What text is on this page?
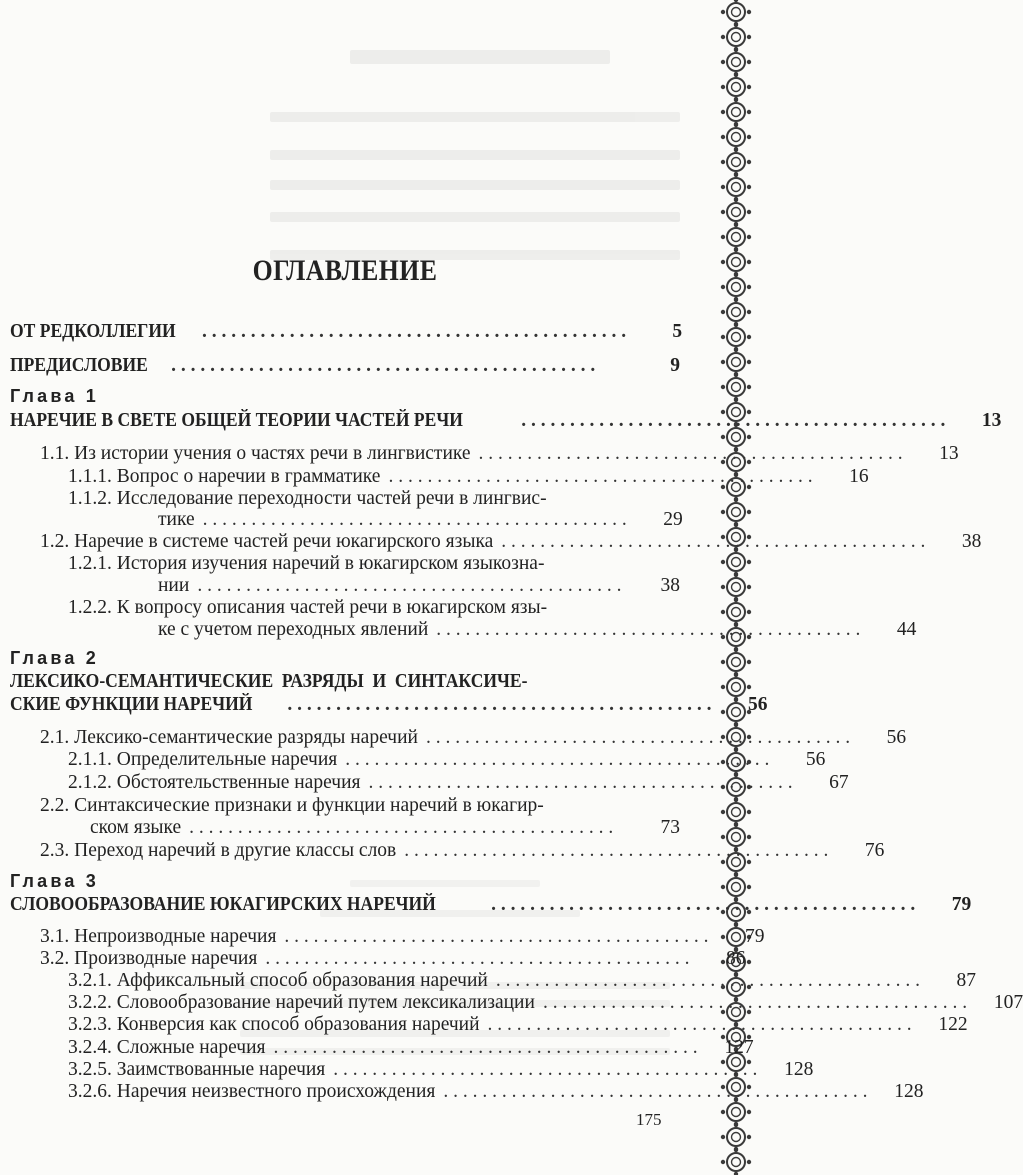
ОГЛАВЛЕНИЕ
ОТ РЕДКОЛЛЕГИИ . . . . . . . . . . . . . . . . . . . . . . . . . . . . . . . . . . . . . . . . . . . .	5
ПРЕДИСЛОВИЕ . . . . . . . . . . . . . . . . . . . . . . . . . . . . . . . . . . . . . . . . . . . .	9
Глава 1
НАРЕЧИЕ В СВЕТЕ ОБЩЕЙ ТЕОРИИ ЧАСТЕЙ РЕЧИ	. . . . . . . . . . . . . . . . . . . . . . . . . . . . . . . . . . . . . . . . . . . .	13
1.1. Из истории учения о частях речи в лингвистике . . . . . . . . . . . . . . . . . . . . . . . . . . . . . . . . . . . . . . . . . . . .	13
1.1.1. Вопрос о наречии в грамматике . . . . . . . . . . . . . . . . . . . . . . . . . . . . . . . . . . . . . . . . . . . .	16
1.1.2. Исследование переходности частей речи в лингвис-
тике . . . . . . . . . . . . . . . . . . . . . . . . . . . . . . . . . . . . . . . . . . . .	29
1.2. Наречие в системе частей речи юкагирского языка . . . . . . . . . . . . . . . . . . . . . . . . . . . . . . . . . . . . . . . . . . . .	38
1.2.1. История изучения наречий в юкагирском языкозна-
нии . . . . . . . . . . . . . . . . . . . . . . . . . . . . . . . . . . . . . . . . . . . .	38
1.2.2. К вопросу описания частей речи в юкагирском язы-
ке с учетом переходных явлений . . . . . . . . . . . . . . . . . . . . . . . . . . . . . . . . . . . . . . . . . . . .	44
Глава 2
ЛЕКСИКО-СЕМАНТИЧЕСКИЕ  РАЗРЯДЫ  И  СИНТАКСИЧЕ-
СКИЕ ФУНКЦИИ НАРЕЧИЙ . . . . . . . . . . . . . . . . . . . . . . . . . . . . . . . . . . . . . . . . . . . .	56
2.1. Лексико-семантические разряды наречий . . . . . . . . . . . . . . . . . . . . . . . . . . . . . . . . . . . . . . . . . . . .	56
2.1.1. Определительные наречия . . . . . . . . . . . . . . . . . . . . . . . . . . . . . . . . . . . . . . . . . . . .	56
2.1.2. Обстоятельственные наречия . . . . . . . . . . . . . . . . . . . . . . . . . . . . . . . . . . . . . . . . . . . .	67
2.2. Синтаксические признаки и функции наречий в юкагир-
ском языке . . . . . . . . . . . . . . . . . . . . . . . . . . . . . . . . . . . . . . . . . . . .	73
2.3. Переход наречий в другие классы слов . . . . . . . . . . . . . . . . . . . . . . . . . . . . . . . . . . . . . . . . . . . .	76
Глава 3
СЛОВООБРАЗОВАНИЕ ЮКАГИРСКИХ НАРЕЧИЙ	. . . . . . . . . . . . . . . . . . . . . . . . . . . . . . . . . . . . . . . . . . . .	79
3.1. Непроизводные наречия . . . . . . . . . . . . . . . . . . . . . . . . . . . . . . . . . . . . . . . . . . . .	79
3.2. Производные наречия . . . . . . . . . . . . . . . . . . . . . . . . . . . . . . . . . . . . . . . . . . . .	86
3.2.1. Аффиксальный способ образования наречий . . . . . . . . . . . . . . . . . . . . . . . . . . . . . . . . . . . . . . . . . . . .	87
3.2.2. Словообразование наречий путем лексикализации . . . . . . . . . . . . . . . . . . . . . . . . . . . . . . . . . . . . . . . . . . . .	107
3.2.3. Конверсия как способ образования наречий . . . . . . . . . . . . . . . . . . . . . . . . . . . . . . . . . . . . . . . . . . . .	122
3.2.4. Сложные наречия . . . . . . . . . . . . . . . . . . . . . . . . . . . . . . . . . . . . . . . . . . . .	127
3.2.5. Заимствованные наречия . . . . . . . . . . . . . . . . . . . . . . . . . . . . . . . . . . . . . . . . . . . .	128
3.2.6. Наречия неизвестного происхождения . . . . . . . . . . . . . . . . . . . . . . . . . . . . . . . . . . . . . . . . . . . .	128
175
